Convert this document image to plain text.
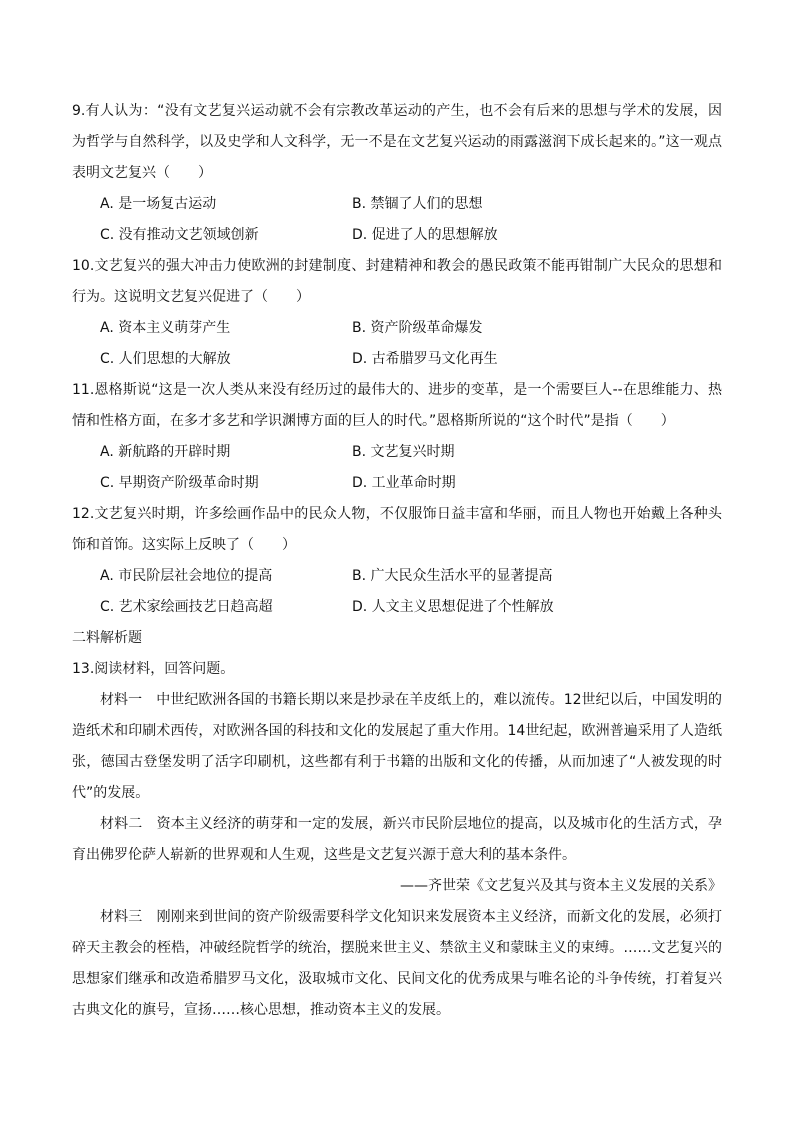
9.有人认为：“没有文艺复兴运动就不会有宗教改革运动的产生，也不会有后来的思想与学术的发展，因为哲学与自然科学，以及史学和人文科学，无一不是在文艺复兴运动的雨露滋润下成长起来的。”这一观点表明文艺复兴（　　）

A. 是一场复古运动	B. 禁锢了人们的思想
C. 没有推动文艺领域创新	D. 促进了人的思想解放

10.文艺复兴的强大冲击力使欧洲的封建制度、封建精神和教会的愚民政策不能再钳制广大民众的思想和行为。这说明文艺复兴促进了（　　）

A. 资本主义萌芽产生	B. 资产阶级革命爆发
C. 人们思想的大解放	D. 古希腊罗马文化再生

11.恩格斯说“这是一次人类从来没有经历过的最伟大的、进步的变革，是一个需要巨人--在思维能力、热情和性格方面，在多才多艺和学识渊博方面的巨人的时代。”恩格斯所说的“这个时代”是指（　　）

A. 新航路的开辟时期	B. 文艺复兴时期
C. 早期资产阶级革命时期	D. 工业革命时期

12.文艺复兴时期，许多绘画作品中的民众人物，不仅服饰日益丰富和华丽，而且人物也开始戴上各种头饰和首饰。这实际上反映了（　　）

A. 市民阶层社会地位的提高	B. 广大民众生活水平的显著提高
C. 艺术家绘画技艺日趋高超	D. 人文主义思想促进了个性解放

二料解析题

13.阅读材料，回答问题。

材料一　 中世纪欧洲各国的书籍长期以来是抄录在羊皮纸上的，难以流传。12世纪以后，中国发明的造纸术和印刷术西传，对欧洲各国的科技和文化的发展起了重大作用。14世纪起，欧洲普遍采用了人造纸张，德国古登堡发明了活字印刷机，这些都有利于书籍的出版和文化的传播，从而加速了“人被发现的时代”的发展。

材料二　 资本主义经济的萌芽和一定的发展，新兴市民阶层地位的提高，以及城市化的生活方式，孕育出佛罗伦萨人崭新的世界观和人生观，这些是文艺复兴源于意大利的基本条件。

——齐世荣《文艺复兴及其与资本主义发展的关系》

材料三　 刚刚来到世间的资产阶级需要科学文化知识来发展资本主义经济，而新文化的发展，必须打碎天主教会的桎梏，冲破经院哲学的统治，摆脱来世主义、禁欲主义和蒙昧主义的束缚。……文艺复兴的思想家们继承和改造希腊罗马文化，汲取城市文化、民间文化的优秀成果与唯名论的斗争传统，打着复兴古典文化的旗号，宣扬……核心思想，推动资本主义的发展。
